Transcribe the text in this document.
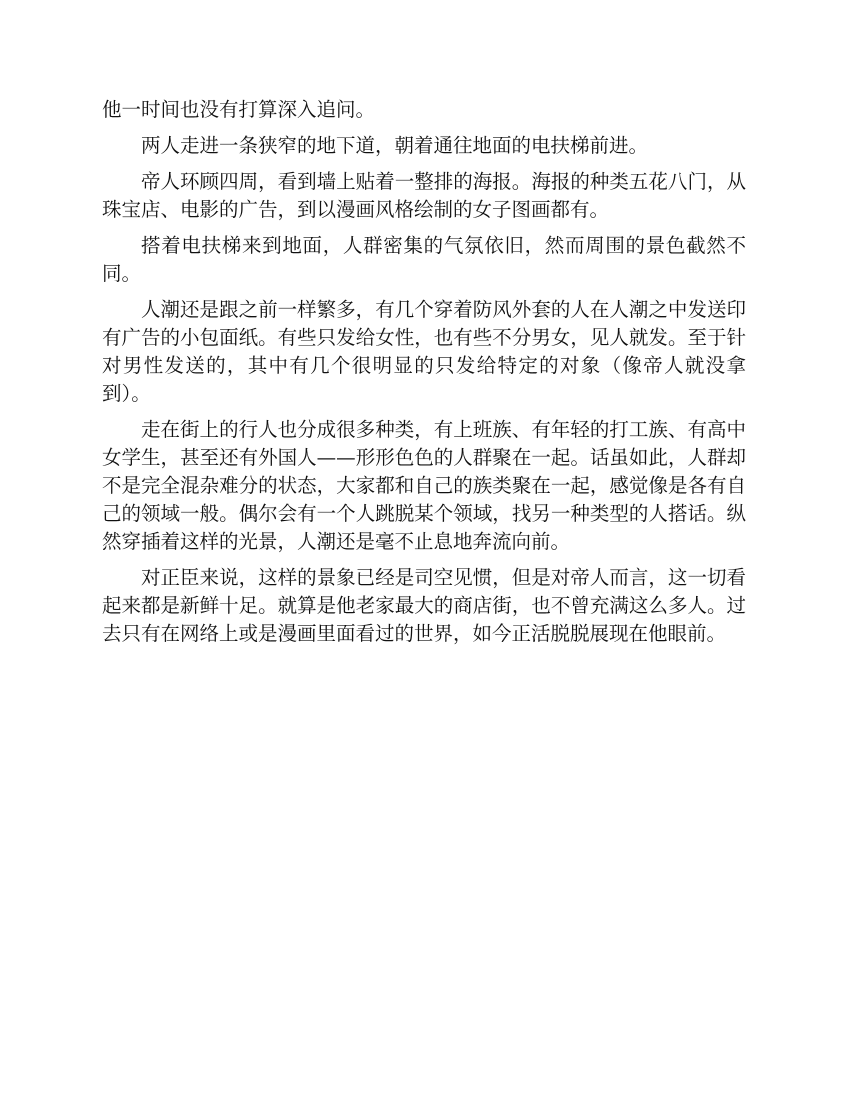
他一时间也没有打算深入追问。

两人走进一条狭窄的地下道，朝着通往地面的电扶梯前进。

帝人环顾四周，看到墙上贴着一整排的海报。海报的种类五花八门，从珠宝店、电影的广告，到以漫画风格绘制的女子图画都有。

搭着电扶梯来到地面，人群密集的气氛依旧，然而周围的景色截然不同。

人潮还是跟之前一样繁多，有几个穿着防风外套的人在人潮之中发送印有广告的小包面纸。有些只发给女性，也有些不分男女，见人就发。至于针对男性发送的，其中有几个很明显的只发给特定的对象（像帝人就没拿到）。

走在街上的行人也分成很多种类，有上班族、有年轻的打工族、有高中女学生，甚至还有外国人——形形色色的人群聚在一起。话虽如此，人群却不是完全混杂难分的状态，大家都和自己的族类聚在一起，感觉像是各有自己的领域一般。偶尔会有一个人跳脱某个领域，找另一种类型的人搭话。纵然穿插着这样的光景，人潮还是毫不止息地奔流向前。

对正臣来说，这样的景象已经是司空见惯，但是对帝人而言，这一切看起来都是新鲜十足。就算是他老家最大的商店街，也不曾充满这么多人。过去只有在网络上或是漫画里面看过的世界，如今正活脱脱展现在他眼前。
